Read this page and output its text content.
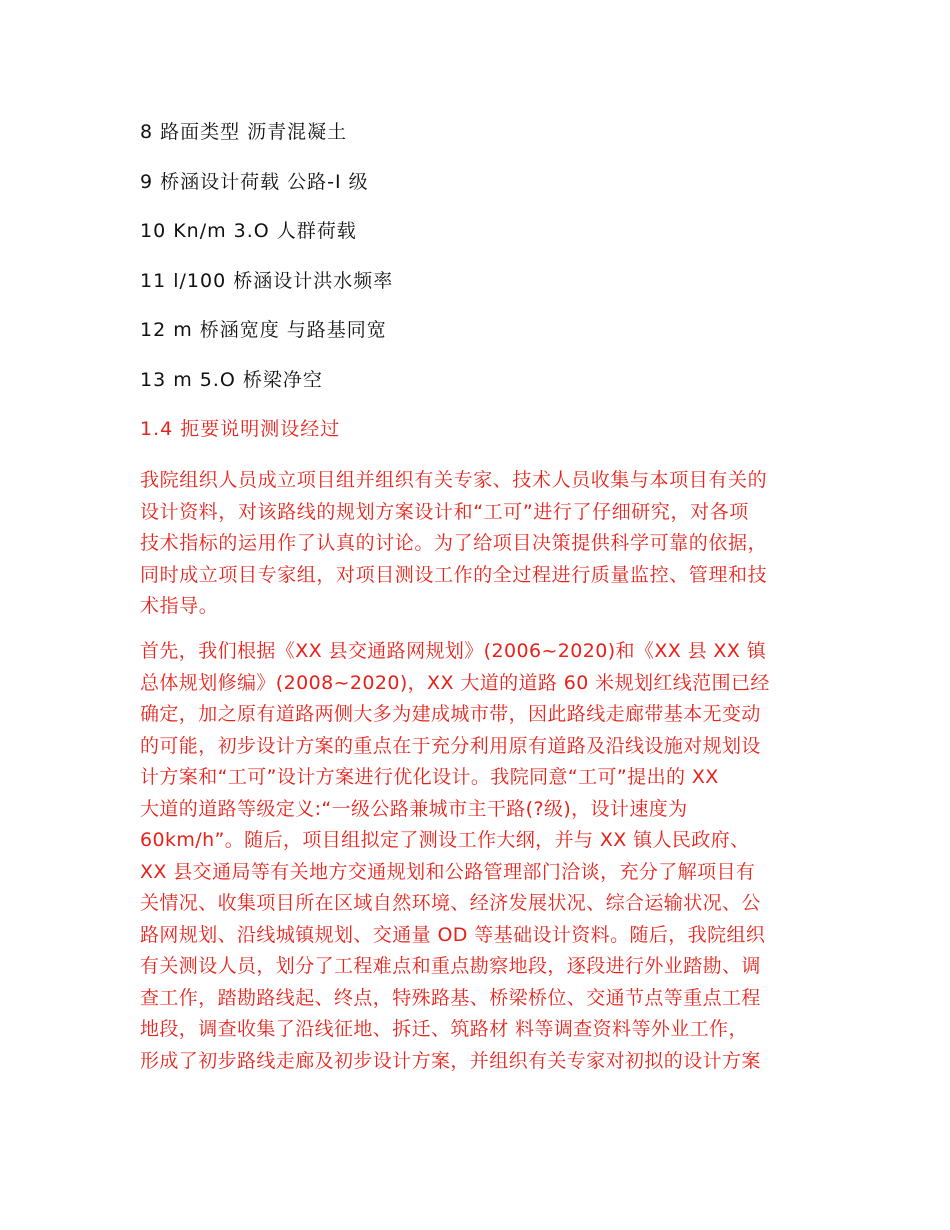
8 路面类型 沥青混凝土
9 桥涵设计荷载 公路-I 级
10 Kn/m 3.O 人群荷载
11 l/100 桥涵设计洪水频率
12 m 桥涵宽度 与路基同宽
13 m 5.O 桥梁净空
1.4 扼要说明测设经过
我院组织人员成立项目组并组织有关专家、技术人员收集与本项目有关的
设计资料，对该路线的规划方案设计和“工可”进行了仔细研究，对各项
技术指标的运用作了认真的讨论。为了给项目决策提供科学可靠的依据，
同时成立项目专家组，对项目测设工作的全过程进行质量监控、管理和技
术指导。
首先，我们根据《XX 县交通路网规划》(2006~2020)和《XX 县 XX 镇
总体规划修编》(2008~2020)，XX 大道的道路 60 米规划红线范围已经
确定，加之原有道路两侧大多为建成城市带，因此路线走廊带基本无变动
的可能，初步设计方案的重点在于充分利用原有道路及沿线设施对规划设
计方案和“工可”设计方案进行优化设计。我院同意“工可”提出的 XX
大道的道路等级定义:“一级公路兼城市主干路(?级)，设计速度为
60km/h”。随后，项目组拟定了测设工作大纲，并与 XX 镇人民政府、
XX 县交通局等有关地方交通规划和公路管理部门洽谈，充分了解项目有
关情况、收集项目所在区域自然环境、经济发展状况、综合运输状况、公
路网规划、沿线城镇规划、交通量 OD 等基础设计资料。随后，我院组织
有关测设人员，划分了工程难点和重点勘察地段，逐段进行外业踏勘、调
查工作，踏勘路线起、终点，特殊路基、桥梁桥位、交通节点等重点工程
地段，调查收集了沿线征地、拆迁、筑路材 料等调查资料等外业工作，
形成了初步路线走廊及初步设计方案，并组织有关专家对初拟的设计方案
